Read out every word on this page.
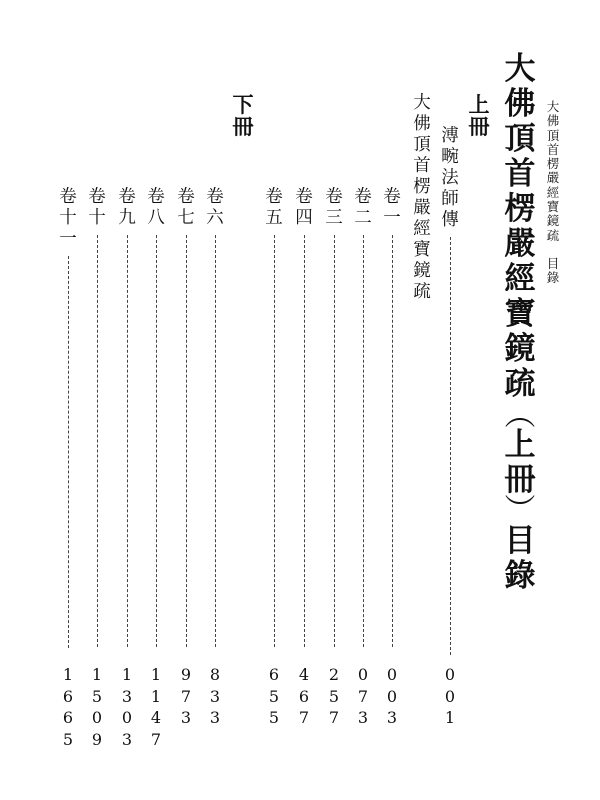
大
佛
頂
首
楞
嚴
經
寶
鏡
疏
目
錄
大
佛
頂
首
楞
嚴
經
寶
鏡
疏
︵
上
冊
︶
目
錄
上
冊
下
冊	溥
畹
法
師
傳
0
0
1
大
佛
頂
首
楞
嚴
經
寶
鏡
疏
卷
一
0
0
3
卷
二
0
7
3
卷
三
2
5
7
卷
四
4
6
7
卷
五
6
5
5
卷
六
8
3
3
卷
七
9
7
3
卷
八
1
1
4
7
卷
九
1
3
0
3
卷
十
1
5
0
9
卷
十
一
1
6
6
5
